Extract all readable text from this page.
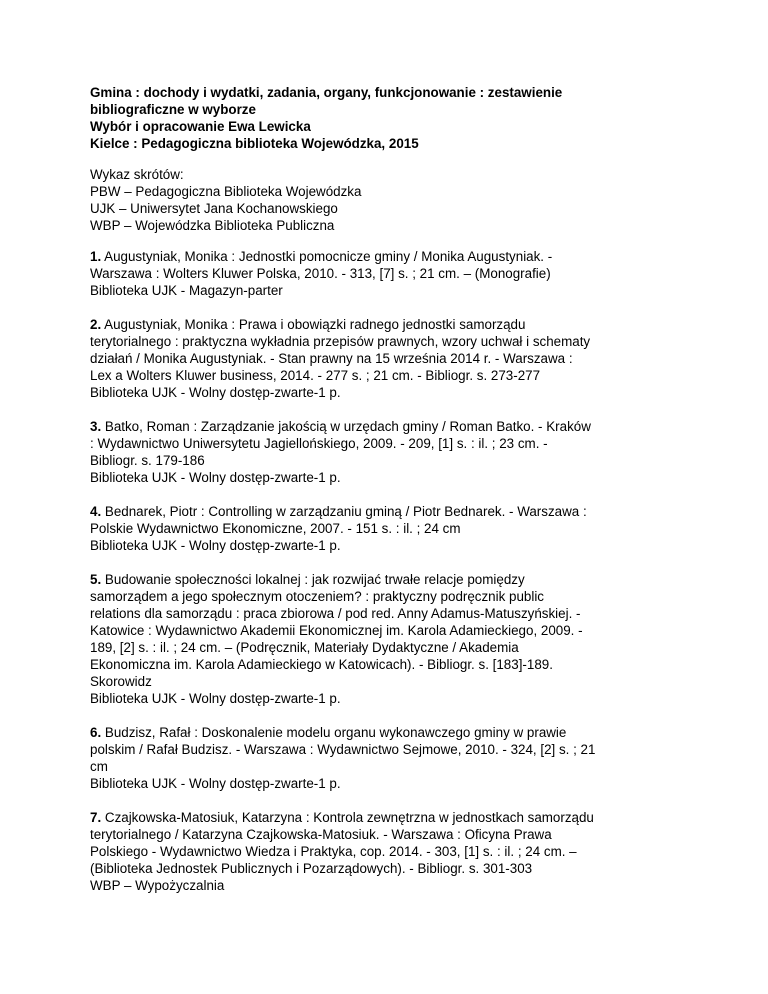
Gmina : dochody i wydatki, zadania, organy, funkcjonowanie : zestawienie
bibliograficzne w wyborze
Wybór i opracowanie Ewa Lewicka
Kielce : Pedagogiczna biblioteka Wojewódzka, 2015
Wykaz skrótów:
PBW – Pedagogiczna Biblioteka Wojewódzka
UJK – Uniwersytet Jana Kochanowskiego
WBP – Wojewódzka Biblioteka Publiczna
1. Augustyniak, Monika : Jednostki pomocnicze gminy / Monika Augustyniak. -
Warszawa : Wolters Kluwer Polska, 2010. - 313, [7] s. ; 21 cm. – (Monografie)
Biblioteka UJK - Magazyn-parter
2. Augustyniak, Monika : Prawa i obowiązki radnego jednostki samorządu
terytorialnego : praktyczna wykładnia przepisów prawnych, wzory uchwał i schematy
działań / Monika Augustyniak. - Stan prawny na 15 września 2014 r. - Warszawa :
Lex a Wolters Kluwer business, 2014. - 277 s. ; 21 cm. - Bibliogr. s. 273-277
Biblioteka UJK - Wolny dostęp-zwarte-1 p.
3. Batko, Roman : Zarządzanie jakością w urzędach gminy / Roman Batko. - Kraków
: Wydawnictwo Uniwersytetu Jagiellońskiego, 2009. - 209, [1] s. : il. ; 23 cm. -
Bibliogr. s. 179-186
Biblioteka UJK - Wolny dostęp-zwarte-1 p.
4. Bednarek, Piotr : Controlling w zarządzaniu gminą / Piotr Bednarek. - Warszawa :
Polskie Wydawnictwo Ekonomiczne, 2007. - 151 s. : il. ; 24 cm
Biblioteka UJK - Wolny dostęp-zwarte-1 p.
5. Budowanie społeczności lokalnej : jak rozwijać trwałe relacje pomiędzy
samorządem a jego społecznym otoczeniem? : praktyczny podręcznik public
relations dla samorządu : praca zbiorowa / pod red. Anny Adamus-Matuszyńskiej. -
Katowice : Wydawnictwo Akademii Ekonomicznej im. Karola Adamieckiego, 2009. -
189, [2] s. : il. ; 24 cm. – (Podręcznik, Materiały Dydaktyczne / Akademia
Ekonomiczna im. Karola Adamieckiego w Katowicach). - Bibliogr. s. [183]-189.
Skorowidz
Biblioteka UJK - Wolny dostęp-zwarte-1 p.
6. Budzisz, Rafał : Doskonalenie modelu organu wykonawczego gminy w prawie
polskim / Rafał Budzisz. - Warszawa : Wydawnictwo Sejmowe, 2010. - 324, [2] s. ; 21
cm
Biblioteka UJK - Wolny dostęp-zwarte-1 p.
7. Czajkowska-Matosiuk, Katarzyna : Kontrola zewnętrzna w jednostkach samorządu
terytorialnego / Katarzyna Czajkowska-Matosiuk. - Warszawa : Oficyna Prawa
Polskiego - Wydawnictwo Wiedza i Praktyka, cop. 2014. - 303, [1] s. : il. ; 24 cm. –
(Biblioteka Jednostek Publicznych i Pozarządowych). - Bibliogr. s. 301-303
WBP – Wypożyczalnia
